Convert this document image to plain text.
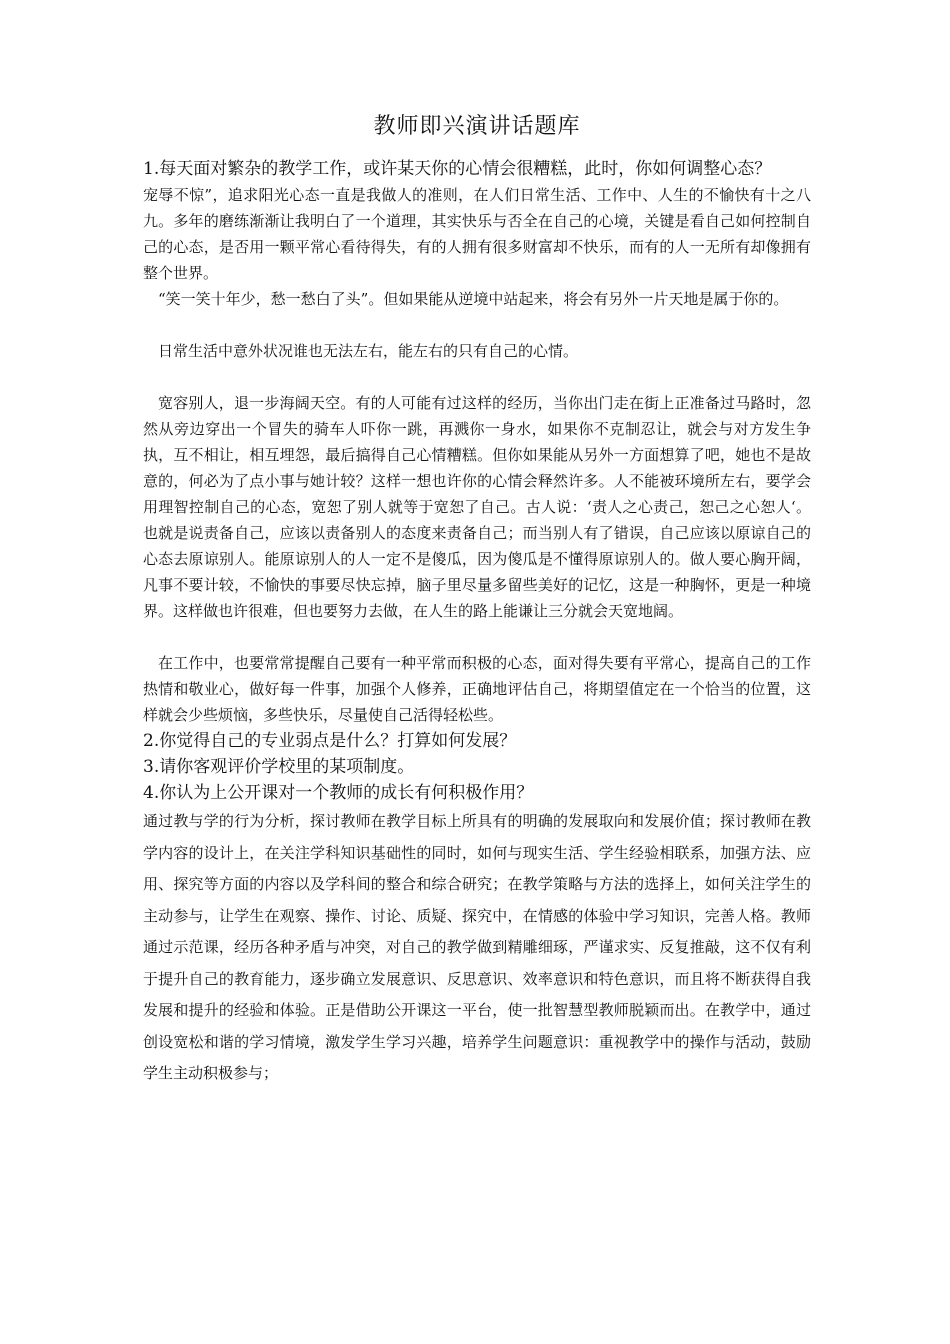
教师即兴演讲话题库

1.每天面对繁杂的教学工作，或许某天你的心情会很糟糕，此时，你如何调整心态？

宠辱不惊”，追求阳光心态一直是我做人的准则，在人们日常生活、工作中、人生的不愉快有十之八九。多年的磨练渐渐让我明白了一个道理，其实快乐与否全在自己的心境，关键是看自己如何控制自己的心态，是否用一颗平常心看待得失，有的人拥有很多财富却不快乐，而有的人一无所有却像拥有整个世界。

“笑一笑十年少，愁一愁白了头”。但如果能从逆境中站起来，将会有另外一片天地是属于你的。

日常生活中意外状况谁也无法左右，能左右的只有自己的心情。

宽容别人，退一步海阔天空。有的人可能有过这样的经历，当你出门走在街上正准备过马路时，忽然从旁边穿出一个冒失的骑车人吓你一跳，再溅你一身水，如果你不克制忍让，就会与对方发生争执，互不相让，相互埋怨，最后搞得自己心情糟糕。但你如果能从另外一方面想算了吧，她也不是故意的，何必为了点小事与她计较？这样一想也许你的心情会释然许多。人不能被环境所左右，要学会用理智控制自己的心态，宽恕了别人就等于宽恕了自己。古人说：‘责人之心责己，恕己之心恕人‘。也就是说责备自己，应该以责备别人的态度来责备自己；而当别人有了错误，自己应该以原谅自己的心态去原谅别人。能原谅别人的人一定不是傻瓜，因为傻瓜是不懂得原谅别人的。做人要心胸开阔，凡事不要计较，不愉快的事要尽快忘掉，脑子里尽量多留些美好的记忆，这是一种胸怀，更是一种境界。这样做也许很难，但也要努力去做，在人生的路上能谦让三分就会天宽地阔。

在工作中，也要常常提醒自己要有一种平常而积极的心态，面对得失要有平常心，提高自己的工作热情和敬业心，做好每一件事，加强个人修养，正确地评估自己，将期望值定在一个恰当的位置，这样就会少些烦恼，多些快乐，尽量使自己活得轻松些。

2.你觉得自己的专业弱点是什么？打算如何发展？

3.请你客观评价学校里的某项制度。

4.你认为上公开课对一个教师的成长有何积极作用？

通过教与学的行为分析，探讨教师在教学目标上所具有的明确的发展取向和发展价值；探讨教师在教学内容的设计上，在关注学科知识基础性的同时，如何与现实生活、学生经验相联系，加强方法、应用、探究等方面的内容以及学科间的整合和综合研究；在教学策略与方法的选择上，如何关注学生的主动参与，让学生在观察、操作、讨论、质疑、探究中，在情感的体验中学习知识，完善人格。教师通过示范课，经历各种矛盾与冲突，对自己的教学做到精雕细琢，严谨求实、反复推敲，这不仅有利于提升自己的教育能力，逐步确立发展意识、反思意识、效率意识和特色意识，而且将不断获得自我发展和提升的经验和体验。正是借助公开课这一平台，使一批智慧型教师脱颖而出。在教学中，通过创设宽松和谐的学习情境，激发学生学习兴趣，培养学生问题意识：重视教学中的操作与活动，鼓励学生主动积极参与；
